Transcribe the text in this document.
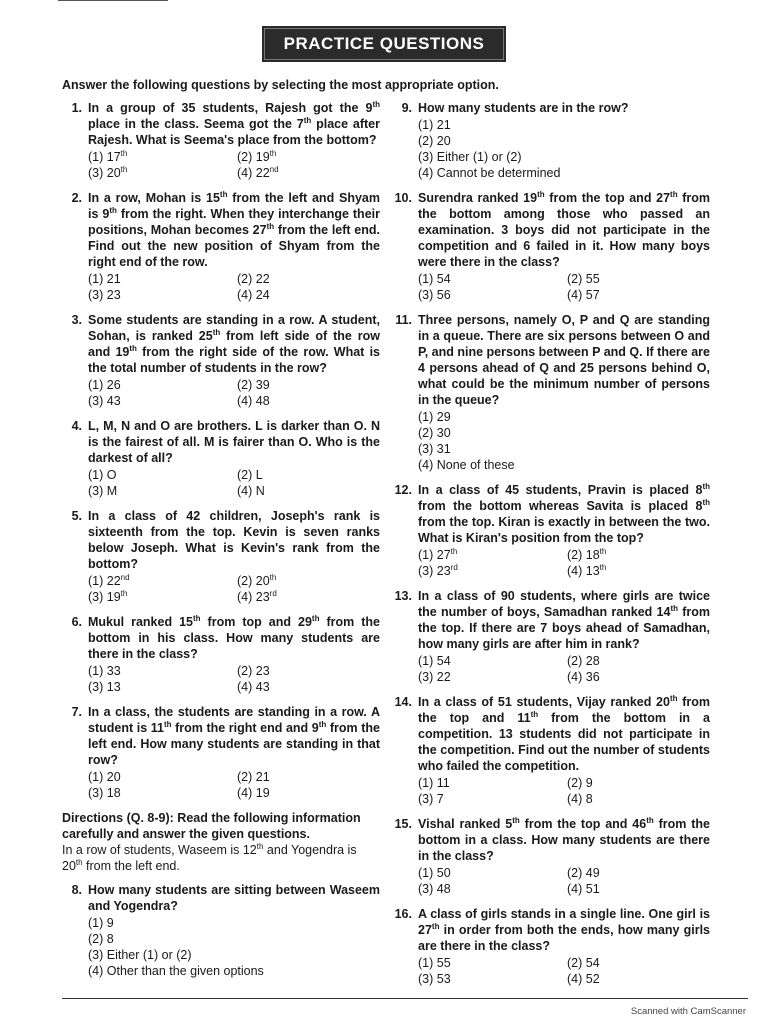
PRACTICE QUESTIONS
Answer the following questions by selecting the most appropriate option.
1. In a group of 35 students, Rajesh got the 9th place in the class. Seema got the 7th place after Rajesh. What is Seema's place from the bottom?
(1) 17th	(2) 19th
(3) 20th	(4) 22nd
2. In a row, Mohan is 15th from the left and Shyam is 9th from the right. When they interchange their positions, Mohan becomes 27th from the left end. Find out the new position of Shyam from the right end of the row.
(1) 21	(2) 22
(3) 23	(4) 24
3. Some students are standing in a row. A student, Sohan, is ranked 25th from left side of the row and 19th from the right side of the row. What is the total number of students in the row?
(1) 26	(2) 39
(3) 43	(4) 48
4. L, M, N and O are brothers. L is darker than O. N is the fairest of all. M is fairer than O. Who is the darkest of all?
(1) O	(2) L
(3) M	(4) N
5. In a class of 42 children, Joseph's rank is sixteenth from the top. Kevin is seven ranks below Joseph. What is Kevin's rank from the bottom?
(1) 22nd	(2) 20th
(3) 19th	(4) 23rd
6. Mukul ranked 15th from top and 29th from the bottom in his class. How many students are there in the class?
(1) 33	(2) 23
(3) 13	(4) 43
7. In a class, the students are standing in a row. A student is 11th from the right end and 9th from the left end. How many students are standing in that row?
(1) 20	(2) 21
(3) 18	(4) 19
Directions (Q. 8-9): Read the following information carefully and answer the given questions.
In a row of students, Waseem is 12th and Yogendra is 20th from the left end.
8. How many students are sitting between Waseem and Yogendra?
(1) 9
(2) 8
(3) Either (1) or (2)
(4) Other than the given options
9. How many students are in the row?
(1) 21
(2) 20
(3) Either (1) or (2)
(4) Cannot be determined
10. Surendra ranked 19th from the top and 27th from the bottom among those who passed an examination. 3 boys did not participate in the competition and 6 failed in it. How many boys were there in the class?
(1) 54	(2) 55
(3) 56	(4) 57
11. Three persons, namely O, P and Q are standing in a queue. There are six persons between O and P, and nine persons between P and Q. If there are 4 persons ahead of Q and 25 persons behind O, what could be the minimum number of persons in the queue?
(1) 29
(2) 30
(3) 31
(4) None of these
12. In a class of 45 students, Pravin is placed 8th from the bottom whereas Savita is placed 8th from the top. Kiran is exactly in between the two. What is Kiran's position from the top?
(1) 27th	(2) 18th
(3) 23rd	(4) 13th
13. In a class of 90 students, where girls are twice the number of boys, Samadhan ranked 14th from the top. If there are 7 boys ahead of Samadhan, how many girls are after him in rank?
(1) 54	(2) 28
(3) 22	(4) 36
14. In a class of 51 students, Vijay ranked 20th from the top and 11th from the bottom in a competition. 13 students did not participate in the competition. Find out the number of students who failed the competition.
(1) 11	(2) 9
(3) 7	(4) 8
15. Vishal ranked 5th from the top and 46th from the bottom in a class. How many students are there in the class?
(1) 50	(2) 49
(3) 48	(4) 51
16. A class of girls stands in a single line. One girl is 27th in order from both the ends, how many girls are there in the class?
(1) 55	(2) 54
(3) 53	(4) 52
Scanned with CamScanner
